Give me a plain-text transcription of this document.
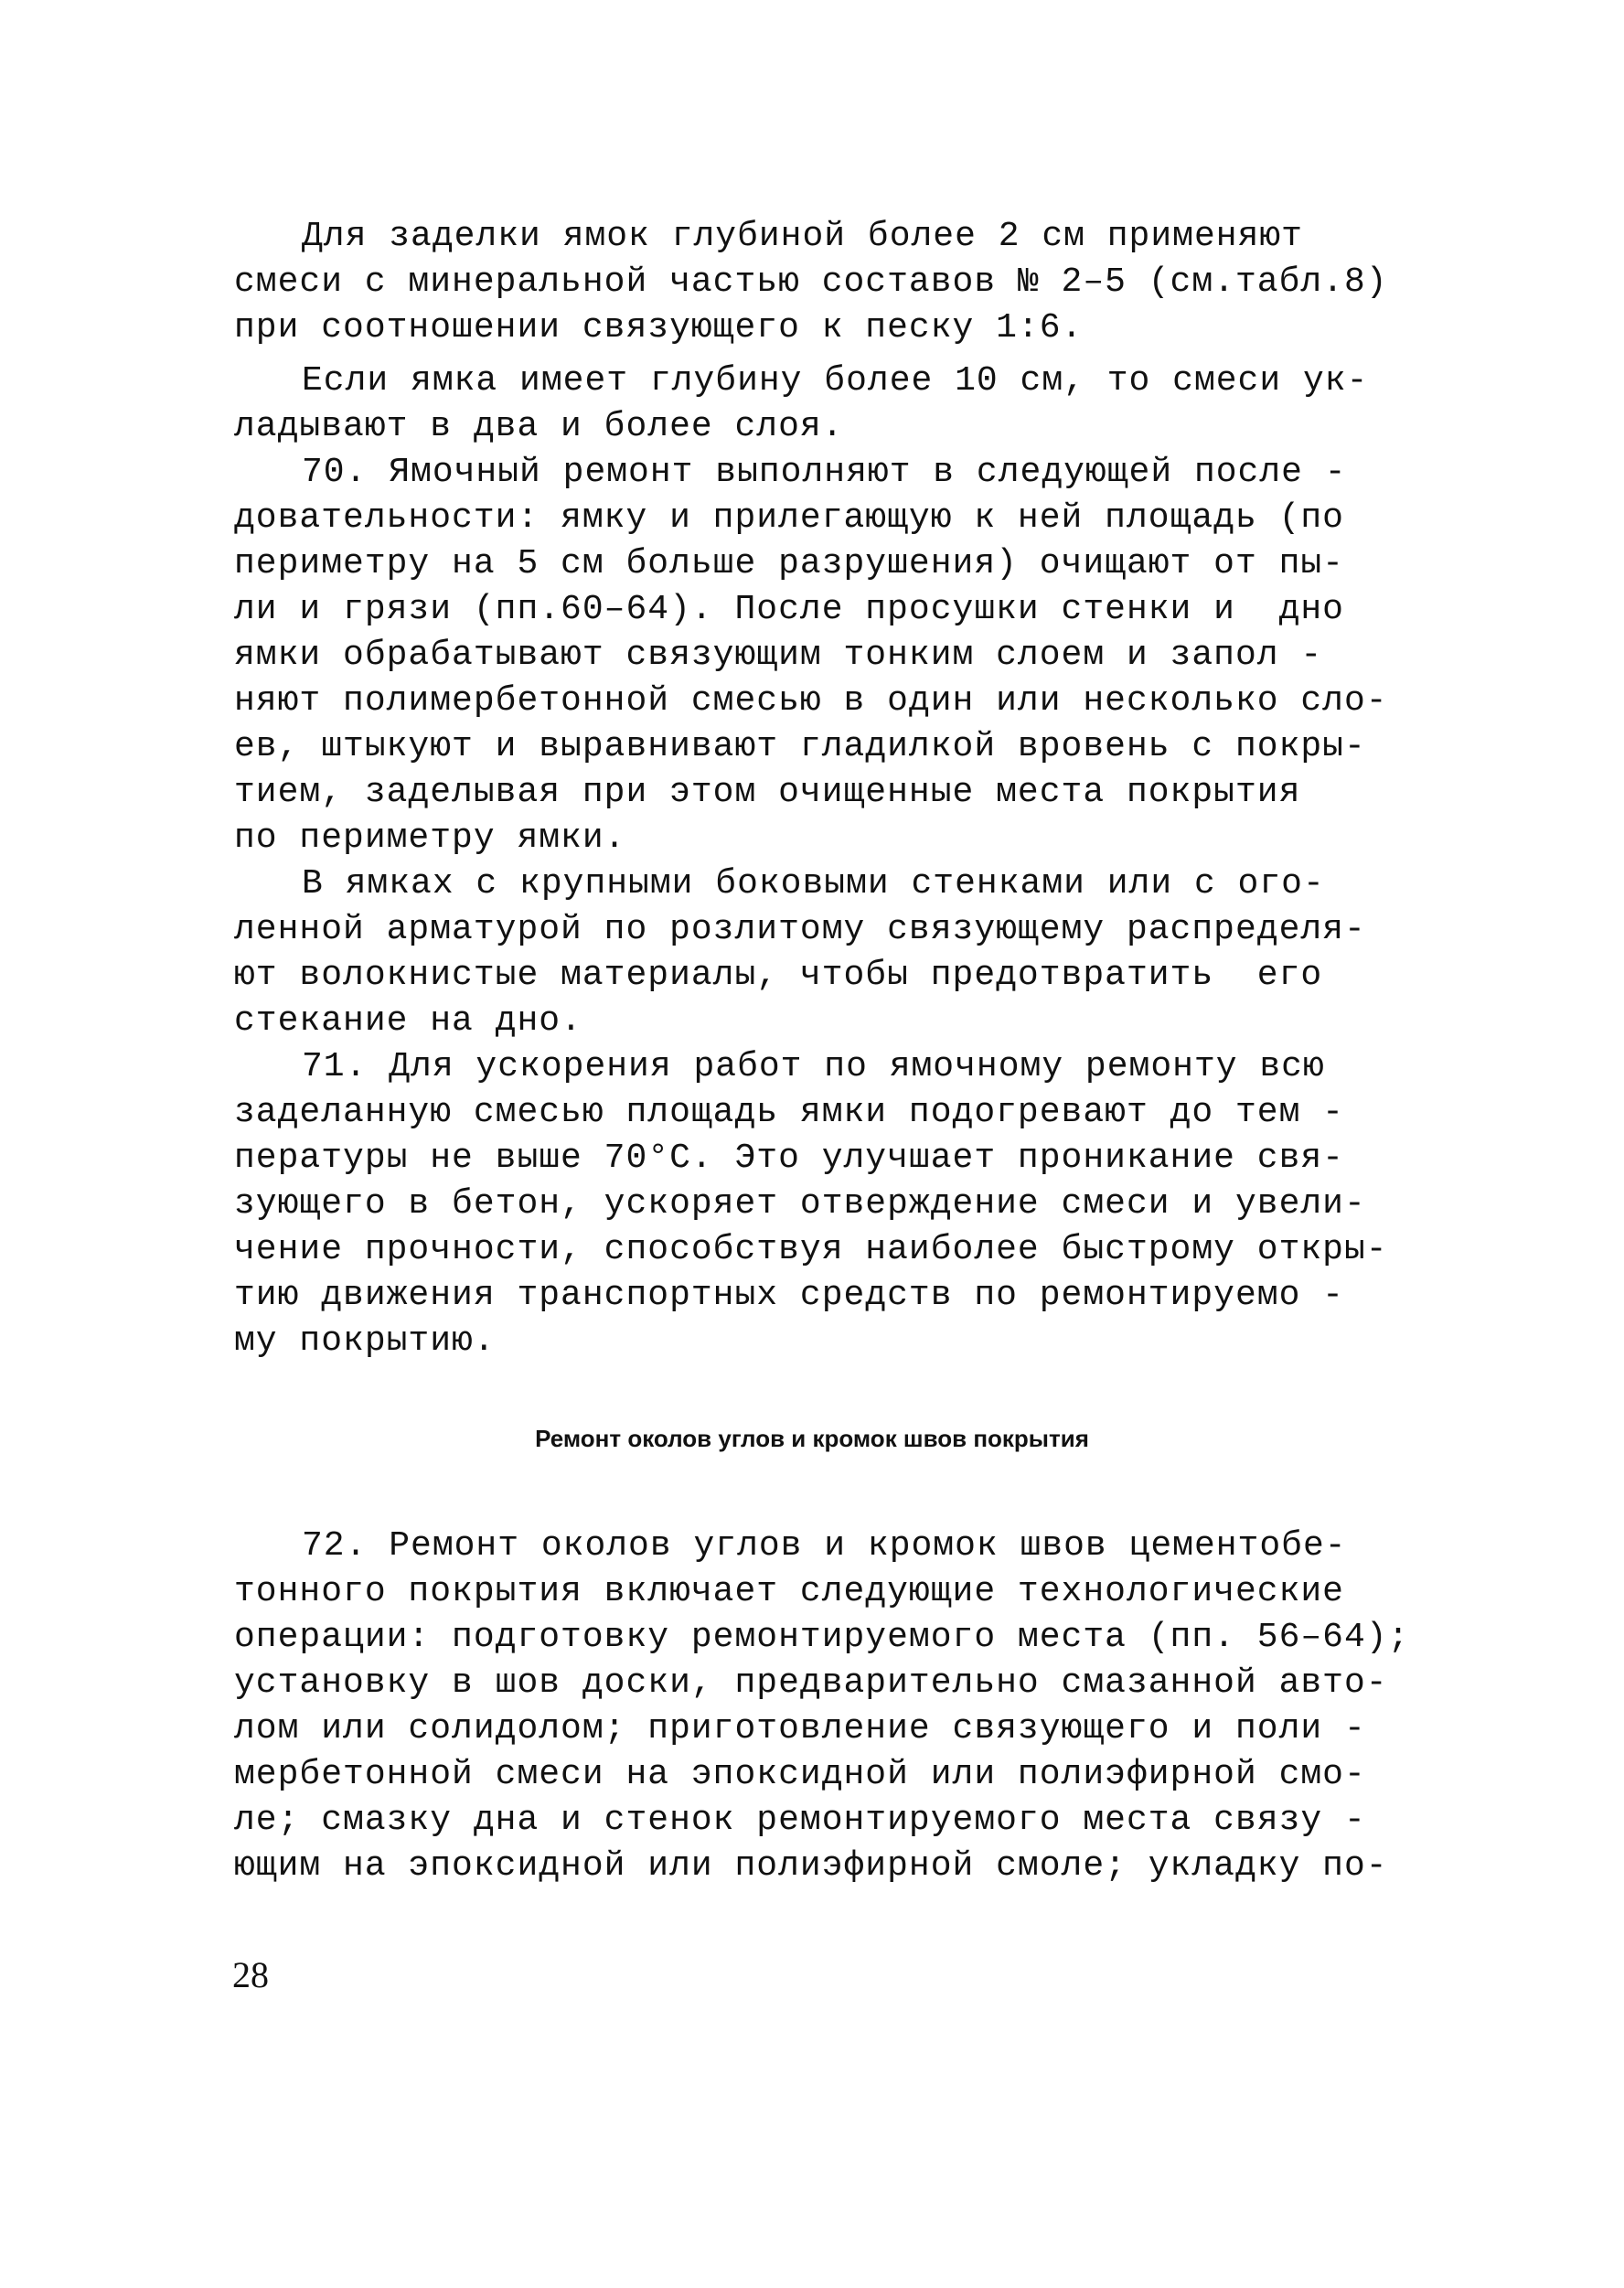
Для заделки ямок глубиной более 2 см применяют
смеси с минеральной частью составов № 2–5 (см.табл.8)
при соотношении связующего к песку 1:6.
Если ямка имеет глубину более 10 см, то смеси ук-
ладывают в два и более слоя.
70. Ямочный ремонт выполняют в следующей после -
довательности: ямку и прилегающую к ней площадь (по
периметру на 5 см больше разрушения) очищают от пы-
ли и грязи (пп.60–64). После просушки стенки и  дно
ямки обрабатывают связующим тонким слоем и запол -
няют полимербетонной смесью в один или несколько сло-
ев, штыкуют и выравнивают гладилкой вровень с покры-
тием, заделывая при этом очищенные места покрытия
по периметру ямки.
В ямках с крупными боковыми стенками или с ого-
ленной арматурой по розлитому связующему распределя-
ют волокнистые материалы, чтобы предотвратить  его
стекание на дно.
71. Для ускорения работ по ямочному ремонту всю
заделанную смесью площадь ямки подогревают до тем -
пературы не выше 70°С. Это улучшает проникание свя-
зующего в бетон, ускоряет отверждение смеси и увели-
чение прочности, способствуя наиболее быстрому откры-
тию движения транспортных средств по ремонтируемо -
му покрытию.
Ремонт околов углов и кромок швов покрытия
72. Ремонт околов углов и кромок швов цементобе-
тонного покрытия включает следующие технологические
операции: подготовку ремонтируемого места (пп. 56–64);
установку в шов доски, предварительно смазанной авто-
лом или солидолом; приготовление связующего и поли -
мербетонной смеси на эпоксидной или полиэфирной смо-
ле; смазку дна и стенок ремонтируемого места связу -
ющим на эпоксидной или полиэфирной смоле; укладку по-
28
